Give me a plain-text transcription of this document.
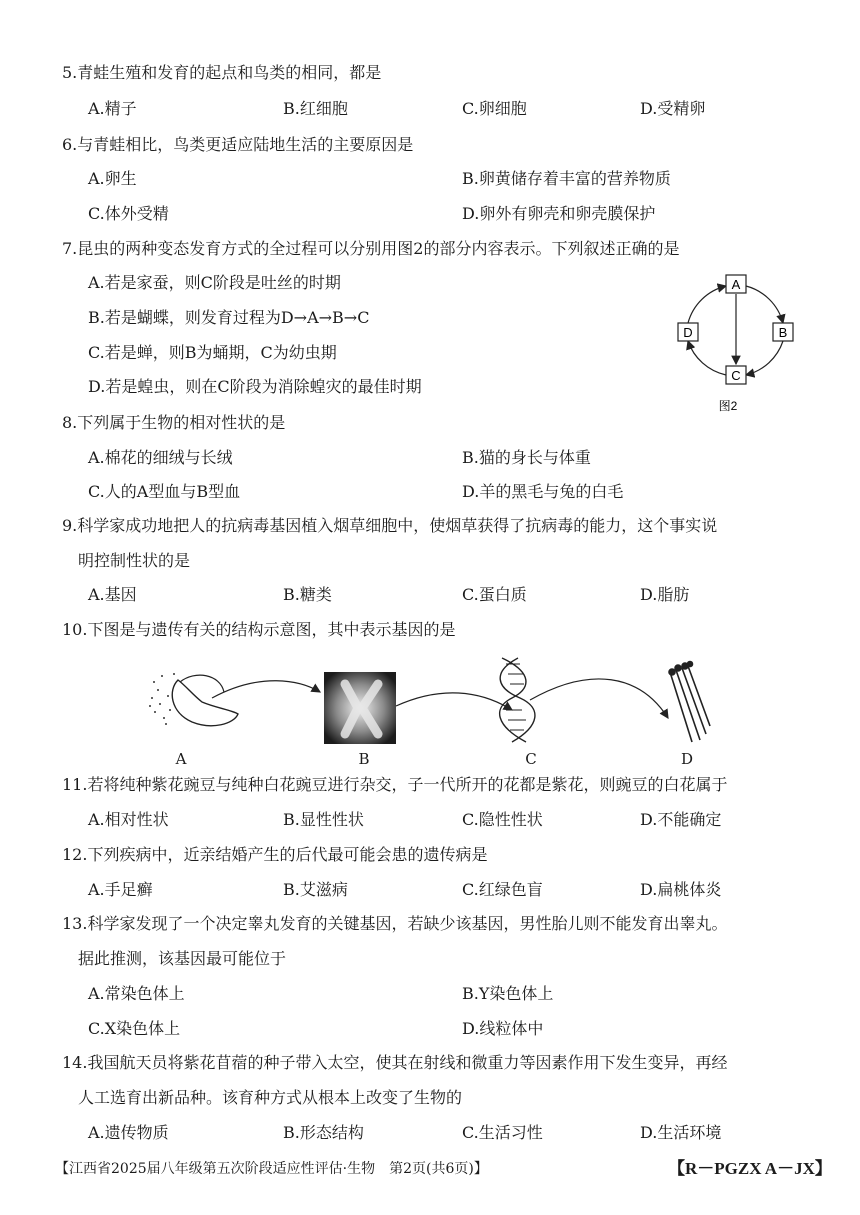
5.青蛙生殖和发育的起点和鸟类的相同，都是
A.精子	B.红细胞	C.卵细胞	D.受精卵
6.与青蛙相比，鸟类更适应陆地生活的主要原因是
A.卵生	B.卵黄储存着丰富的营养物质
C.体外受精	D.卵外有卵壳和卵壳膜保护
7.昆虫的两种变态发育方式的全过程可以分别用图2的部分内容表示。下列叙述正确的是
A.若是家蚕，则C阶段是吐丝的时期
B.若是蝴蝶，则发育过程为D→A→B→C
C.若是蝉，则B为蛹期，C为幼虫期
D.若是蝗虫，则在C阶段为消除蝗灾的最佳时期
A
B
C
D
图2
8.下列属于生物的相对性状的是
A.棉花的细绒与长绒	B.猫的身长与体重
C.人的A型血与B型血	D.羊的黑毛与兔的白毛
9.科学家成功地把人的抗病毒基因植入烟草细胞中，使烟草获得了抗病毒的能力，这个事实说
明控制性状的是
A.基因	B.糖类	C.蛋白质	D.脂肪
10.下图是与遗传有关的结构示意图，其中表示基因的是
A	B	C	D
11.若将纯种紫花豌豆与纯种白花豌豆进行杂交，子一代所开的花都是紫花，则豌豆的白花属于
A.相对性状	B.显性性状	C.隐性性状	D.不能确定
12.下列疾病中，近亲结婚产生的后代最可能会患的遗传病是
A.手足癣	B.艾滋病	C.红绿色盲	D.扁桃体炎
13.科学家发现了一个决定睾丸发育的关键基因，若缺少该基因，男性胎儿则不能发育出睾丸。
据此推测，该基因最可能位于
A.常染色体上	B.Y染色体上
C.X染色体上	D.线粒体中
14.我国航天员将紫花苜蓿的种子带入太空，使其在射线和微重力等因素作用下发生变异，再经
人工选育出新品种。该育种方式从根本上改变了生物的
A.遗传物质	B.形态结构	C.生活习性	D.生活环境
【江西省2025届八年级第五次阶段适应性评估·生物　第2页(共6页)】	【R－PGZX A－JX】
